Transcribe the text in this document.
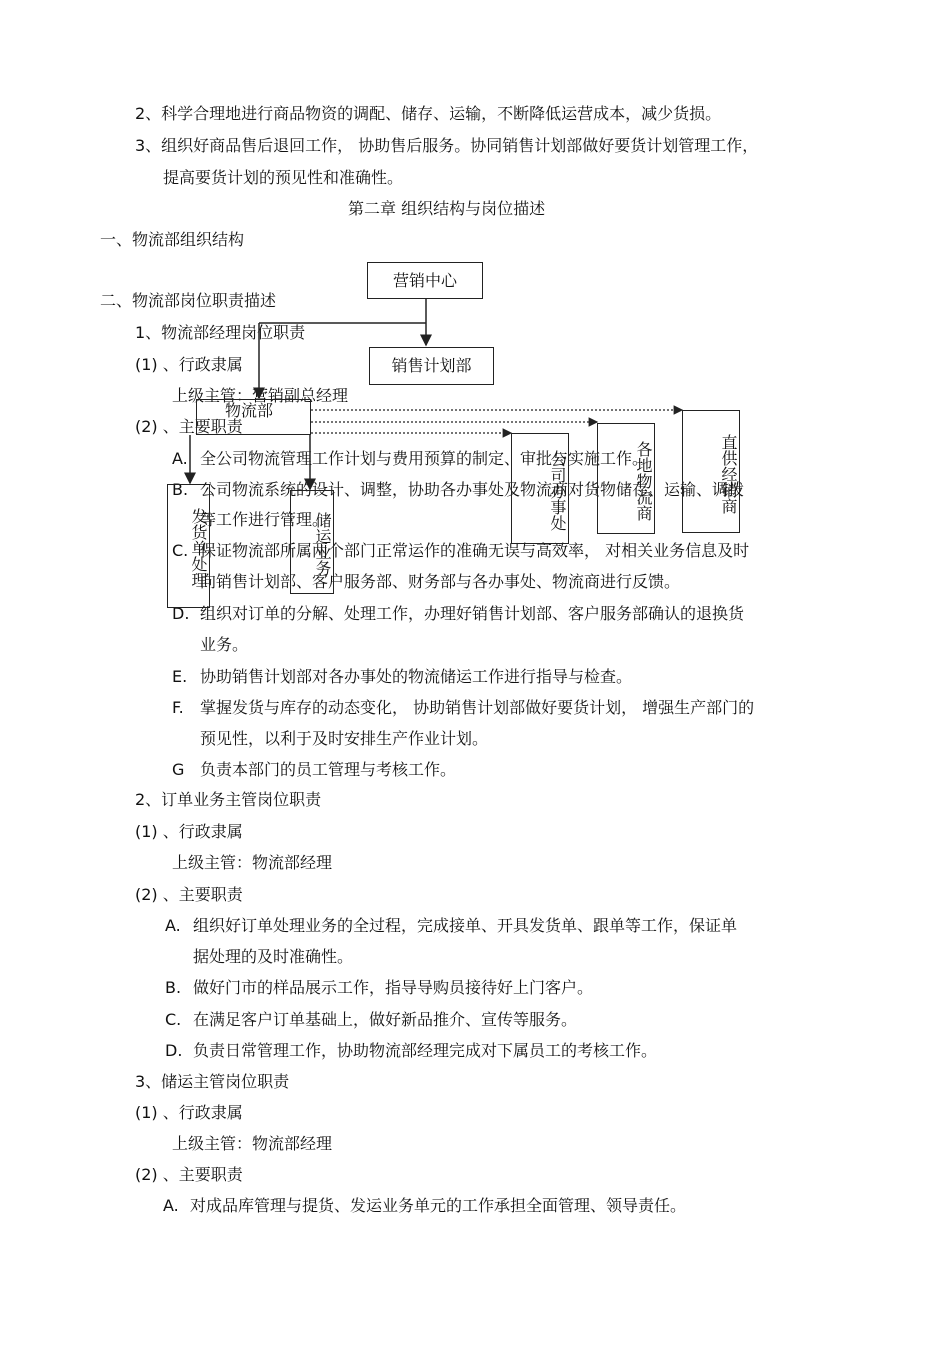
2、科学合理地进行商品物资的调配、储存、运输，不断降低运营成本，减少货损。
3、组织好商品售后退回工作， 协助售后服务。协同销售计划部做好要货计划管理工作，
提高要货计划的预见性和准确性。
第二章 组织结构与岗位描述
一、物流部组织结构
二、物流部岗位职责描述
1、物流部经理岗位职责
(1) 、行政隶属
上级主管：营销副总经理
(2) 、主要职责
A. 全公司物流管理工作计划与费用预算的制定、审批与实施工作。
B. 公司物流系统的设计、调整，协助各办事处及物流商对货物储存、运输、调拨
等工作进行管理。
C. 保证物流部所属两个部门正常运作的准确无误与高效率， 对相关业务信息及时
向销售计划部、客户服务部、财务部与各办事处、物流商进行反馈。
D. 组织对订单的分解、处理工作，办理好销售计划部、客户服务部确认的退换货
业务。
E. 协助销售计划部对各办事处的物流储运工作进行指导与检查。
F. 掌握发货与库存的动态变化， 协助销售计划部做好要货计划， 增强生产部门的
预见性，以利于及时安排生产作业计划。
G 负责本部门的员工管理与考核工作。
2、订单业务主管岗位职责
(1) 、行政隶属
上级主管：物流部经理
(2) 、主要职责
A. 组织好订单处理业务的全过程，完成接单、开具发货单、跟单等工作，保证单
据处理的及时准确性。
B. 做好门市的样品展示工作，指导导购员接待好上门客户。
C. 在满足客户订单基础上，做好新品推介、宣传等服务。
D. 负责日常管理工作，协助物流部经理完成对下属员工的考核工作。
3、储运主管岗位职责
(1) 、行政隶属
上级主管：物流部经理
(2) 、主要职责
A. 对成品库管理与提货、发运业务单元的工作承担全面管理、领导责任。
营销中心
销售计划部
物流部
发货单处理	储运业务
公司办事处	各地物流商	直供经销商
